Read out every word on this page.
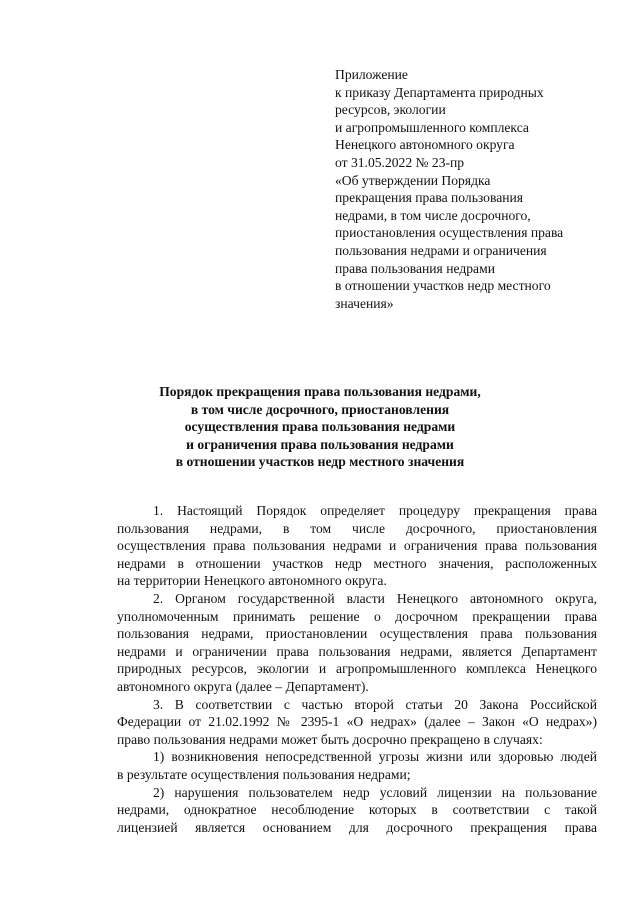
Приложение
к приказу Департамента природных
ресурсов, экологии
и агропромышленного комплекса
Ненецкого автономного округа
от 31.05.2022 № 23-пр
«Об утверждении Порядка
прекращения права пользования
недрами, в том числе досрочного,
приостановления осуществления права
пользования недрами и ограничения
права пользования недрами
в отношении участков недр местного
значения»
Порядок прекращения права пользования недрами,
в том числе досрочного, приостановления
осуществления права пользования недрами
и ограничения права пользования недрами
в отношении участков недр местного значения
1. Настоящий Порядок определяет процедуру прекращения права
пользования недрами, в том числе досрочного, приостановления
осуществления права пользования недрами и ограничения права пользования
недрами в отношении участков недр местного значения, расположенных
на территории Ненецкого автономного округа.
2. Органом государственной власти Ненецкого автономного округа,
уполномоченным принимать решение о досрочном прекращении права
пользования недрами, приостановлении осуществления права пользования
недрами и ограничении права пользования недрами, является Департамент
природных ресурсов, экологии и агропромышленного комплекса Ненецкого
автономного округа (далее – Департамент).
3. В соответствии с частью второй статьи 20 Закона Российской
Федерации от 21.02.1992 № 2395-1 «О недрах» (далее – Закон «О недрах»)
право пользования недрами может быть досрочно прекращено в случаях:
1) возникновения непосредственной угрозы жизни или здоровью людей
в результате осуществления пользования недрами;
2) нарушения пользователем недр условий лицензии на пользование
недрами, однократное несоблюдение которых в соответствии с такой
лицензией является основанием для досрочного прекращения права
